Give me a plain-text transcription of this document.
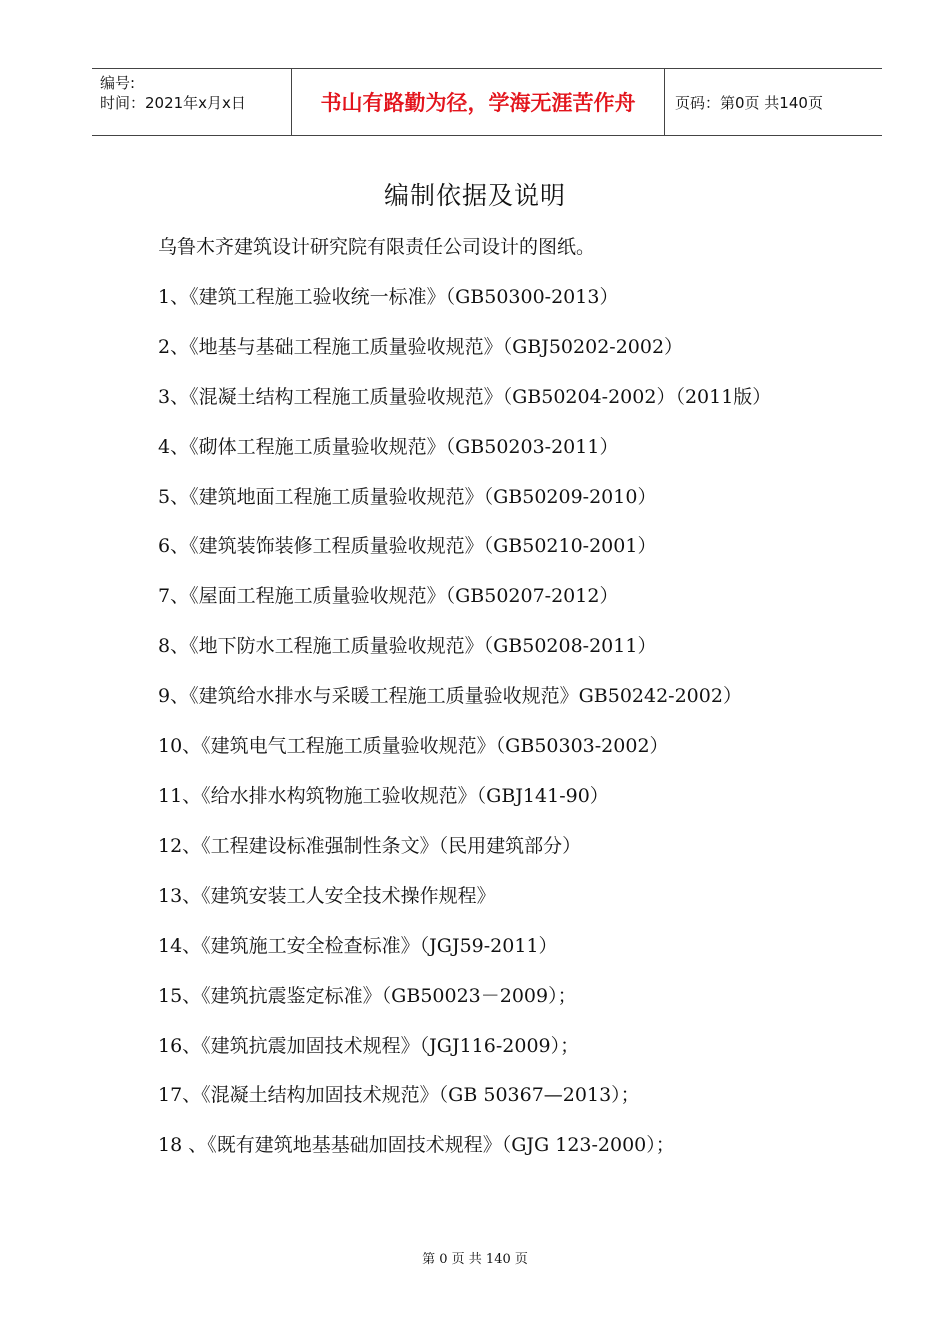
编号:
时间：2021年x月x日	书山有路勤为径，学海无涯苦作舟	页码：第0页 共140页
编制依据及说明

乌鲁木齐建筑设计研究院有限责任公司设计的图纸。

1、《建筑工程施工验收统一标准》（GB50300-2013）

2、《地基与基础工程施工质量验收规范》（GBJ50202-2002）

3、《混凝土结构工程施工质量验收规范》（GB50204-2002）（2011版）

4、《砌体工程施工质量验收规范》（GB50203-2011）

5、《建筑地面工程施工质量验收规范》（GB50209-2010）

6、《建筑装饰装修工程质量验收规范》（GB50210-2001）

7、《屋面工程施工质量验收规范》（GB50207-2012）

8、《地下防水工程施工质量验收规范》（GB50208-2011）

9、《建筑给水排水与采暖工程施工质量验收规范》GB50242-2002）

10、《建筑电气工程施工质量验收规范》（GB50303-2002）

11、《给水排水构筑物施工验收规范》（GBJ141-90）

12、《工程建设标准强制性条文》（民用建筑部分）

13、《建筑安装工人安全技术操作规程》

14、《建筑施工安全检查标准》（JGJ59-2011）

15、《建筑抗震鉴定标准》（GB50023－2009）；

16、《建筑抗震加固技术规程》（JGJ116-2009）；

17、《混凝土结构加固技术规范》（GB 50367—2013）；

18 、《既有建筑地基基础加固技术规程》（GJG 123-2000）；

第 0 页 共 140 页
